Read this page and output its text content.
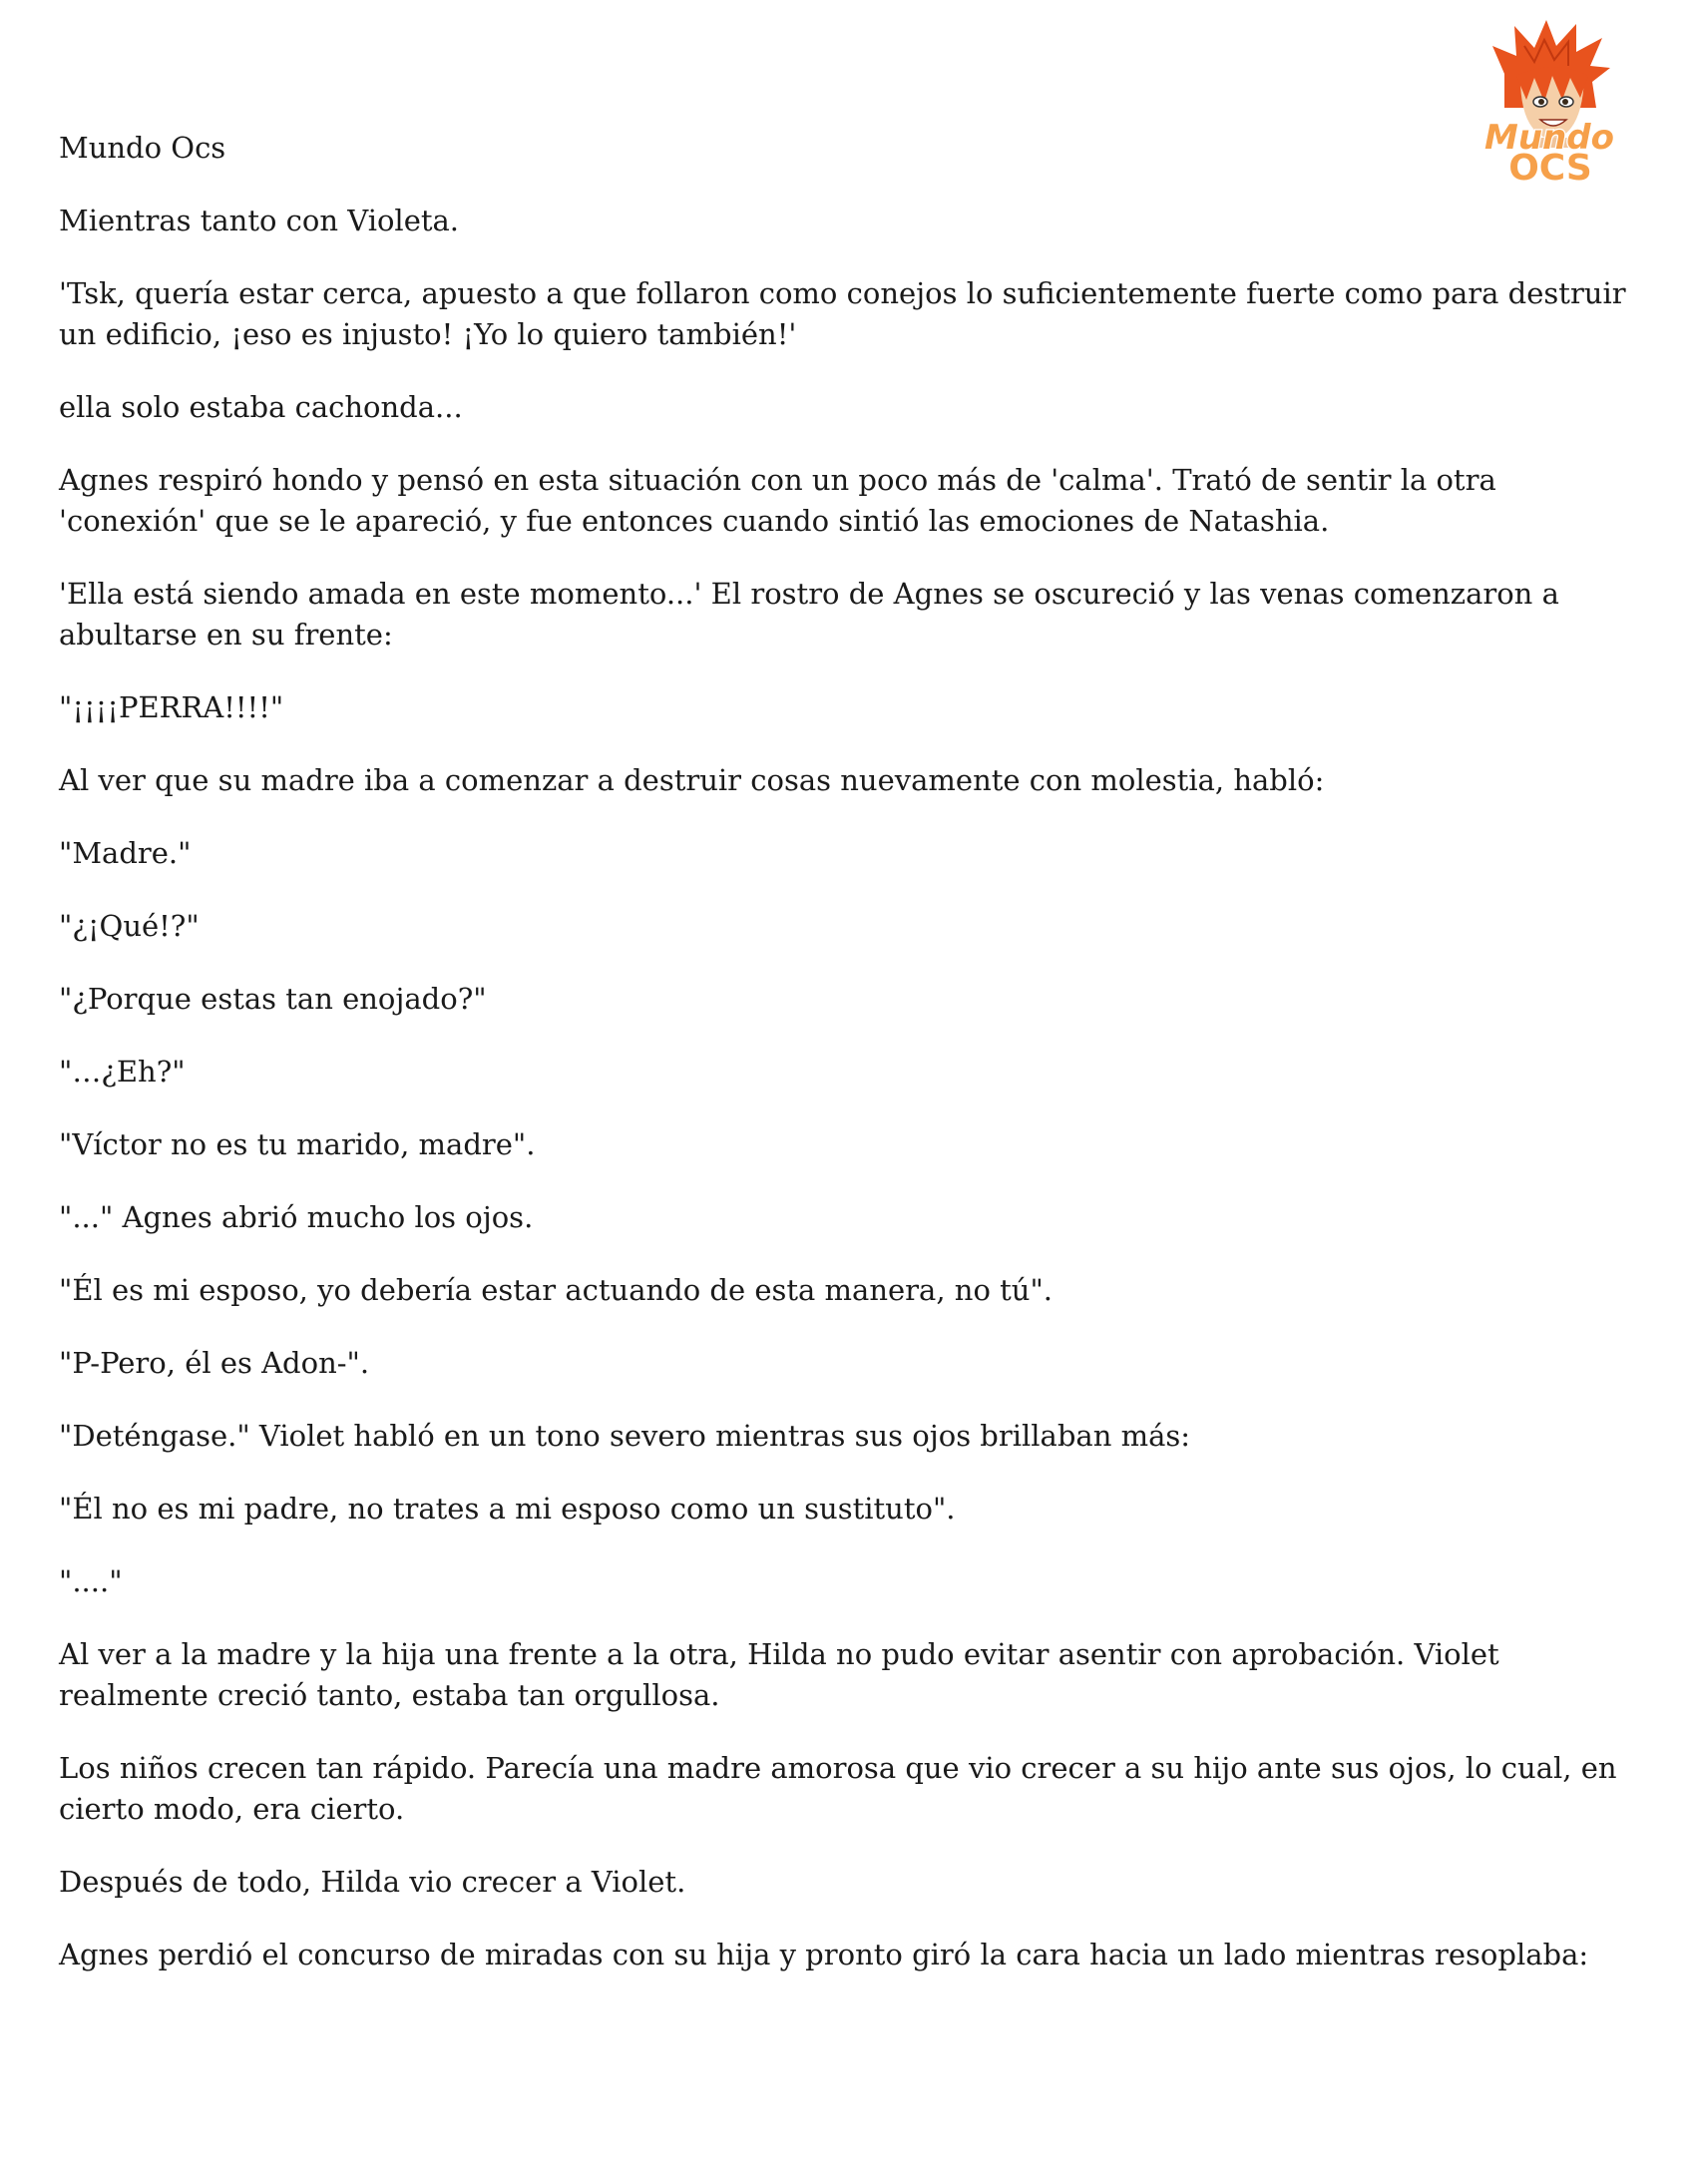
Mundo
OCS

Mundo Ocs

Mientras tanto con Violeta.

'Tsk, quería estar cerca, apuesto a que follaron como conejos lo suficientemente fuerte como para destruir un edificio, ¡eso es injusto! ¡Yo lo quiero también!'

ella solo estaba cachonda...

Agnes respiró hondo y pensó en esta situación con un poco más de 'calma'. Trató de sentir la otra 'conexión' que se le apareció, y fue entonces cuando sintió las emociones de Natashia.

'Ella está siendo amada en este momento...' El rostro de Agnes se oscureció y las venas comenzaron a abultarse en su frente:

"¡¡¡¡PERRA!!!!"

Al ver que su madre iba a comenzar a destruir cosas nuevamente con molestia, habló:

"Madre."

"¿¡Qué!?"

"¿Porque estas tan enojado?"

"…¿Eh?"

"Víctor no es tu marido, madre".

"..." Agnes abrió mucho los ojos.

"Él es mi esposo, yo debería estar actuando de esta manera, no tú".

"P-Pero, él es Adon-".

"Deténgase." Violet habló en un tono severo mientras sus ojos brillaban más:

"Él no es mi padre, no trates a mi esposo como un sustituto".

"...."

Al ver a la madre y la hija una frente a la otra, Hilda no pudo evitar asentir con aprobación. Violet realmente creció tanto, estaba tan orgullosa.

Los niños crecen tan rápido. Parecía una madre amorosa que vio crecer a su hijo ante sus ojos, lo cual, en cierto modo, era cierto.

Después de todo, Hilda vio crecer a Violet.

Agnes perdió el concurso de miradas con su hija y pronto giró la cara hacia un lado mientras resoplaba:
